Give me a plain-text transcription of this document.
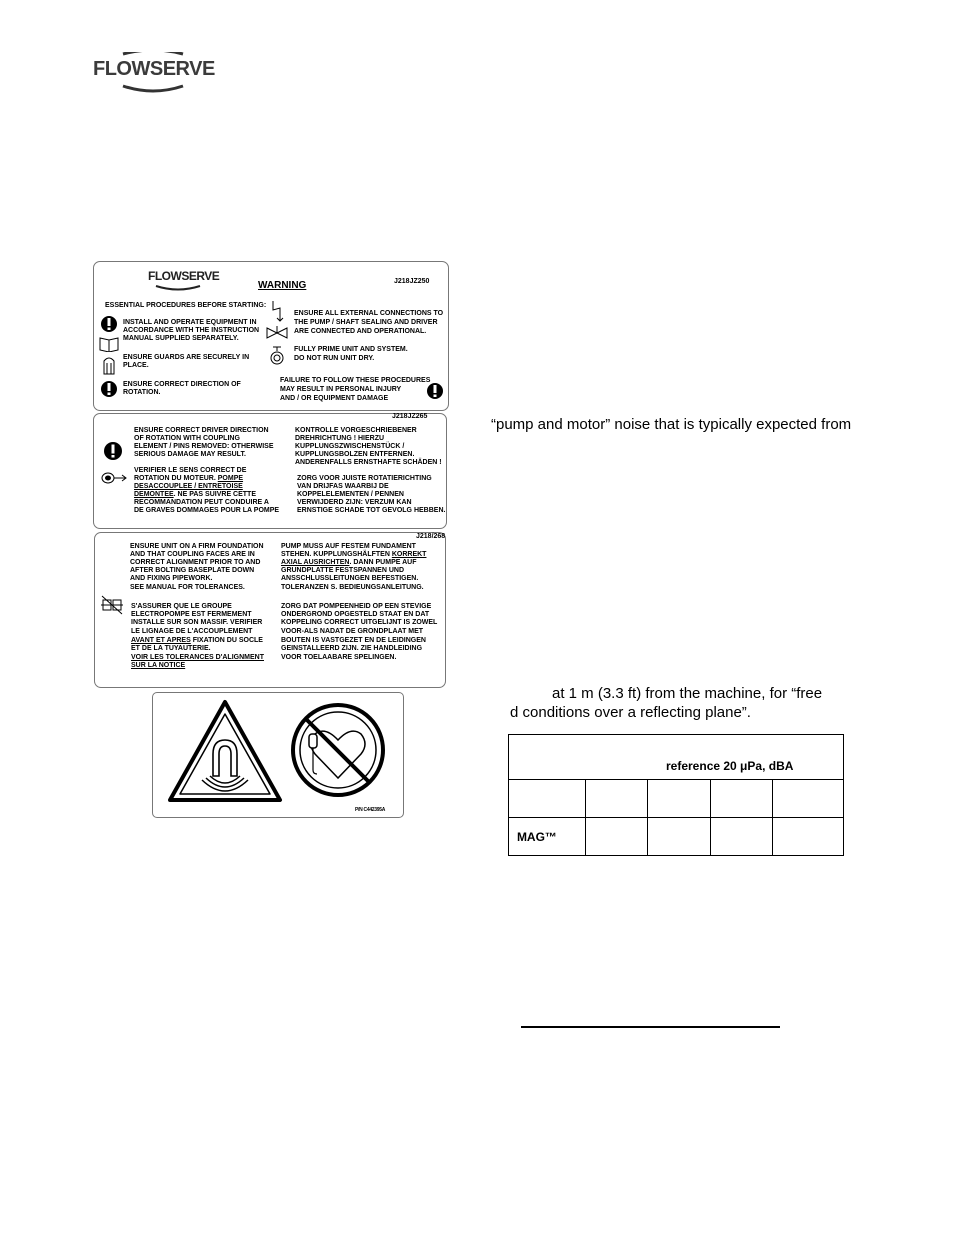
FLOWSERVE
FLOWSERVE
WARNING	J218JZ250
ESSENTIAL PROCEDURES BEFORE STARTING:
INSTALL AND OPERATE EQUIPMENT IN
ACCORDANCE WITH THE INSTRUCTION
MANUAL SUPPLIED SEPARATELY.
ENSURE GUARDS ARE SECURELY IN
PLACE.
ENSURE CORRECT DIRECTION OF
ROTATION.
ENSURE ALL EXTERNAL CONNECTIONS TO
THE PUMP / SHAFT SEALING AND DRIVER
ARE CONNECTED AND OPERATIONAL.
FULLY PRIME UNIT AND SYSTEM.
DO NOT RUN UNIT DRY.
FAILURE TO FOLLOW THESE PROCEDURES
MAY RESULT IN PERSONAL INJURY
AND / OR EQUIPMENT DAMAGE
J218JZ265
ENSURE CORRECT DRIVER DIRECTION
OF ROTATION WITH COUPLING
ELEMENT / PINS REMOVED: OTHERWISE
SERIOUS DAMAGE MAY RESULT.
VERIFIER LE SENS CORRECT DE
ROTATION DU MOTEUR. POMPE
DESACCOUPLEE / ENTRETOISE
DEMONTEE. NE PAS SUIVRE CETTE
RECOMMANDATION PEUT CONDUIRE A
DE GRAVES DOMMAGES POUR LA POMPE
KONTROLLE VORGESCHRIEBENER
DREHRICHTUNG ! HIERZU
KUPPLUNGSZWISCHENSTÜCK /
KUPPLUNGSBOLZEN ENTFERNEN.
ANDERENFALLS ERNSTHAFTE SCHÄDEN !
ZORG VOOR JUISTE ROTATIERICHTING
VAN DRIJFAS WAARBIJ DE
KOPPELELEMENTEN / PENNEN
VERWIJDERD ZIJN: VERZUM KAN
ERNSTIGE SCHADE TOT GEVOLG HEBBEN.
J218/268
ENSURE UNIT ON A FIRM FOUNDATION
AND THAT COUPLING FACES ARE IN
CORRECT ALIGNMENT PRIOR TO AND
AFTER BOLTING BASEPLATE DOWN
AND FIXING PIPEWORK.
SEE MANUAL FOR TOLERANCES.
S'ASSURER QUE LE GROUPE
ELECTROPOMPE EST FERMEMENT
INSTALLE SUR SON MASSIF. VERIFIER
LE LIGNAGE DE L'ACCOUPLEMENT
AVANT ET APRES FIXATION DU SOCLE
ET DE LA TUYAUTERIE.
VOIR LES TOLERANCES D'ALIGNMENT
SUR LA NOTICE
PUMP MUSS AUF FESTEM FUNDAMENT
STEHEN. KUPPLUNGSHÄLFTEN KORREKT
AXIAL AUSRICHTEN. DANN PUMPE AUF
GRUNDPLATTE FESTSPANNEN UND
ANSSCHLUSSLEITUNGEN BEFESTIGEN.
TOLERANZEN S. BEDIEUNGSANLEITUNG.
ZORG DAT POMPEENHEID OP EEN STEVIGE
ONDERGROND OPGESTELD STAAT EN DAT
KOPPELING CORRECT UITGELIJNT IS ZOWEL
VOOR-ALS NADAT DE GRONDPLAAT MET
BOUTEN IS VASTGEZET EN DE LEIDINGEN
GEINSTALLEERD ZIJN. ZIE HANDLEIDING
VOOR TOELAABARE SPELINGEN.
P/N C442395A
“pump and motor” noise that is typically expected from
at 1 m (3.3 ft) from the machine, for “free
d conditions over a reflecting plane”.
reference 20 μPa, dBA				

MAG™				
